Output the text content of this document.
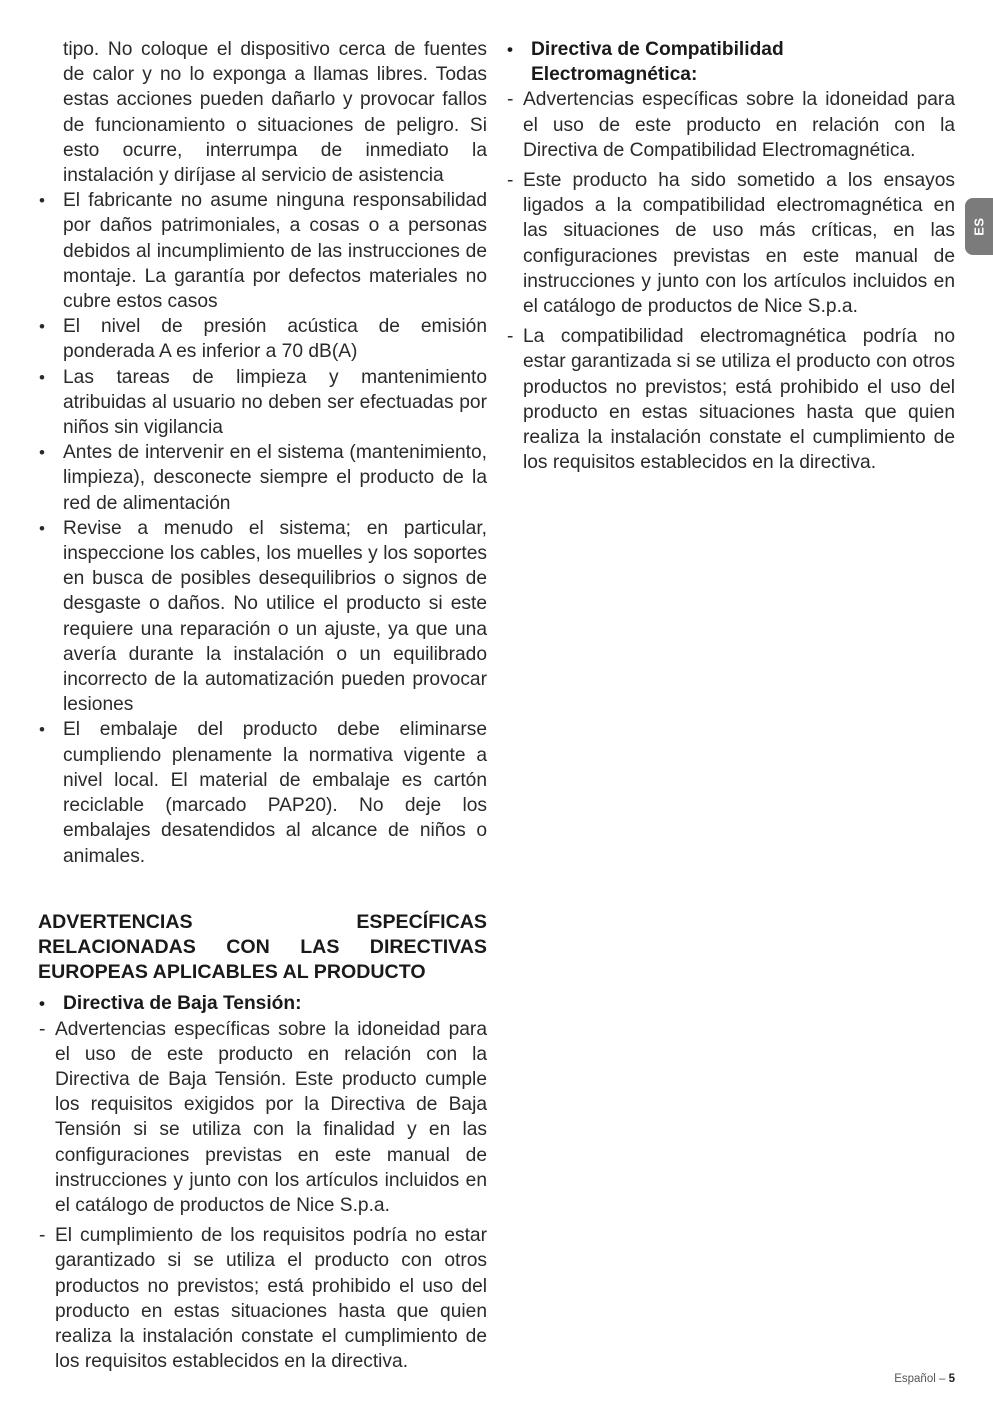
tipo. No coloque el dispositivo cerca de fuentes de calor y no lo exponga a llamas libres. Todas estas acciones pueden dañarlo y provocar fallos de funcionamiento o situaciones de peligro. Si esto ocurre, interrumpa de inmediato la instalación y diríjase al servicio de asistencia

• El fabricante no asume ninguna responsabilidad por daños patrimoniales, a cosas o a personas debidos al incumplimiento de las instrucciones de montaje. La garantía por defectos materiales no cubre estos casos
• El nivel de presión acústica de emisión ponderada A es inferior a 70 dB(A)
• Las tareas de limpieza y mantenimiento atribuidas al usuario no deben ser efectuadas por niños sin vigilancia
• Antes de intervenir en el sistema (mantenimiento, limpieza), desconecte siempre el producto de la red de alimentación
• Revise a menudo el sistema; en particular, inspeccione los cables, los muelles y los soportes en busca de posibles desequilibrios o signos de desgaste o daños. No utilice el producto si este requiere una reparación o un ajuste, ya que una avería durante la instalación o un equilibrado incorrecto de la automatización pueden provocar lesiones
• El embalaje del producto debe eliminarse cumpliendo plenamente la normativa vigente a nivel local. El material de embalaje es cartón reciclable (marcado PAP20). No deje los embalajes desatendidos al alcance de niños o animales.
ADVERTENCIAS ESPECÍFICAS RELACIONADAS CON LAS DIRECTIVAS EUROPEAS APLICABLES AL PRODUCTO
• Directiva de Baja Tensión:
- Advertencias específicas sobre la idoneidad para el uso de este producto en relación con la Directiva de Baja Tensión. Este producto cumple los requisitos exigidos por la Directiva de Baja Tensión si se utiliza con la finalidad y en las configuraciones previstas en este manual de instrucciones y junto con los artículos incluidos en el catálogo de productos de Nice S.p.a.
- El cumplimiento de los requisitos podría no estar garantizado si se utiliza el producto con otros productos no previstos; está prohibido el uso del producto en estas situaciones hasta que quien realiza la instalación constate el cumplimiento de los requisitos establecidos en la directiva.
• Directiva de Compatibilidad Electromagnética:
- Advertencias específicas sobre la idoneidad para el uso de este producto en relación con la Directiva de Compatibilidad Electromagnética.
- Este producto ha sido sometido a los ensayos ligados a la compatibilidad electromagnética en las situaciones de uso más críticas, en las configuraciones previstas en este manual de instrucciones y junto con los artículos incluidos en el catálogo de productos de Nice S.p.a.
- La compatibilidad electromagnética podría no estar garantizada si se utiliza el producto con otros productos no previstos; está prohibido el uso del producto en estas situaciones hasta que quien realiza la instalación constate el cumplimiento de los requisitos establecidos en la directiva.
ES
Español – 5
